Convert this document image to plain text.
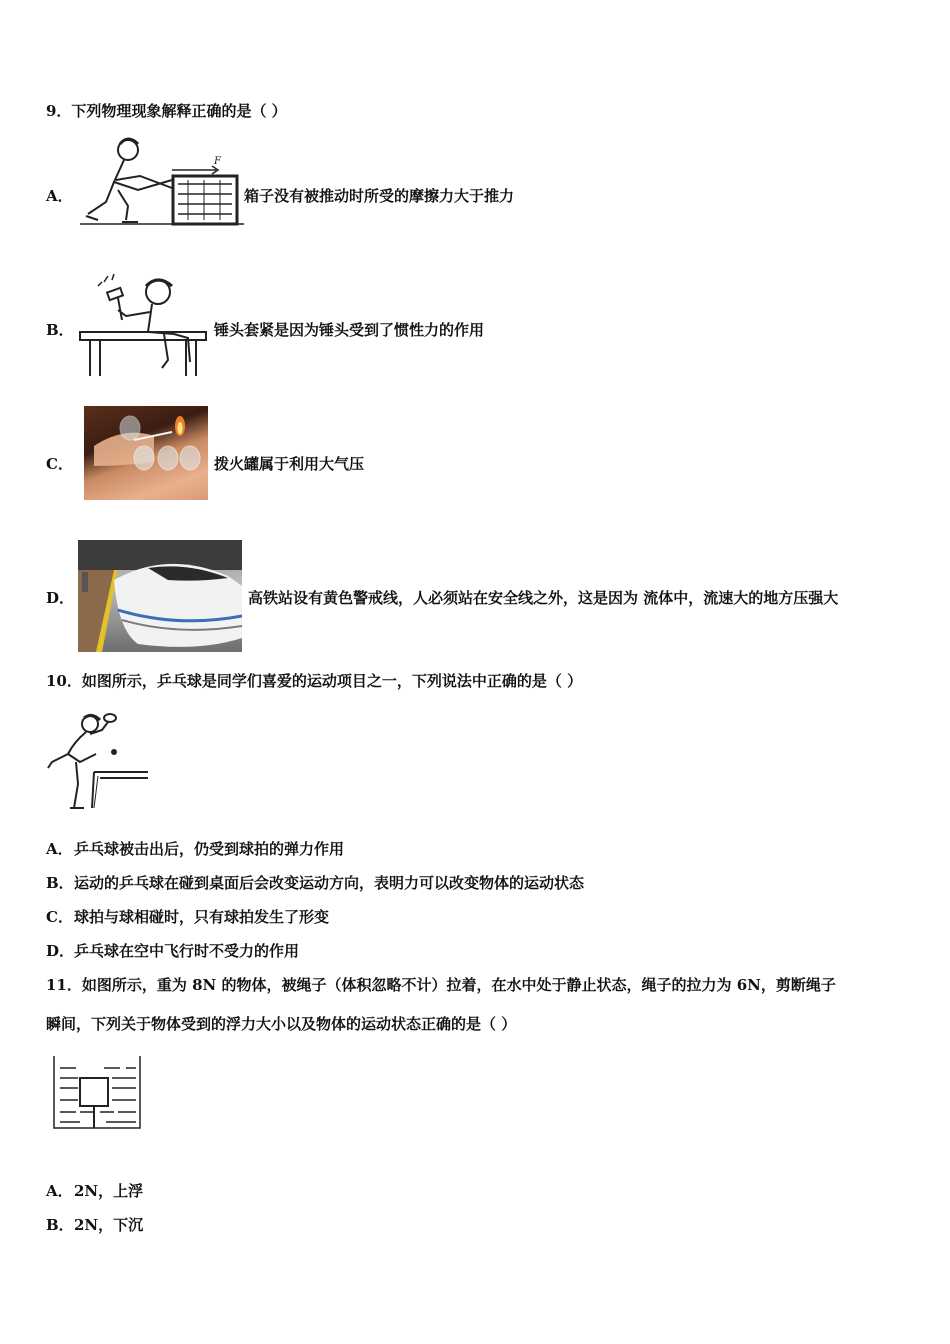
9．下列物理现象解释正确的是（ ）
A．
F
箱子没有被推动时所受的摩擦力大于推力
B．	锤头套紧是因为锤头受到了惯性力的作用
C．	拨火罐属于利用大气压
D．	高铁站设有黄色警戒线，人必须站在安全线之外，这是因为 流体中，流速大的地方压强大
10．如图所示，乒乓球是同学们喜爱的运动项目之一，下列说法中正确的是（ ）
A． 乒乓球被击出后，仍受到球拍的弹力作用
B． 运动的乒乓球在碰到桌面后会改变运动方向，表明力可以改变物体的运动状态
C． 球拍与球相碰时，只有球拍发生了形变
D． 乒乓球在空中飞行时不受力的作用
11．如图所示，重为 8N 的物体，被绳子（体积忽略不计）拉着，在水中处于静止状态，绳子的拉力为 6N，剪断绳子
瞬间，下列关于物体受到的浮力大小以及物体的运动状态正确的是（ ）
A． 2N，上浮
B． 2N，下沉
